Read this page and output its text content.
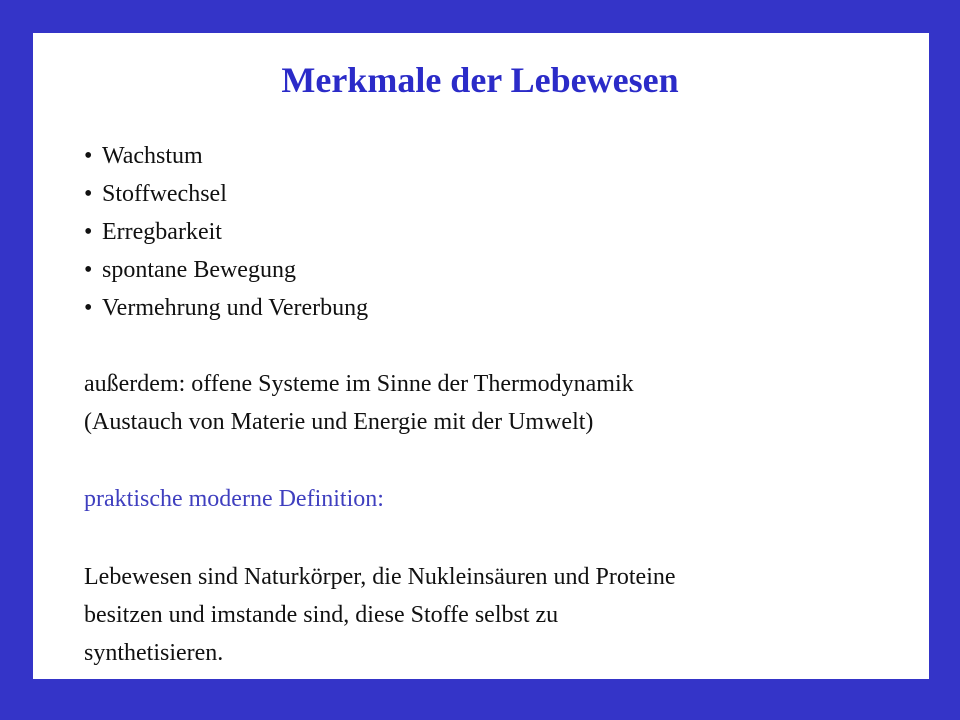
Merkmale der Lebewesen
• Wachstum
• Stoffwechsel
• Erregbarkeit
• spontane Bewegung
• Vermehrung und Vererbung
außerdem: offene Systeme im Sinne der Thermodynamik
(Austauch von Materie und Energie mit der Umwelt)
praktische moderne Definition:
Lebewesen sind Naturkörper, die Nukleinsäuren und Proteine
besitzen und imstande sind, diese Stoffe selbst zu
synthetisieren.
